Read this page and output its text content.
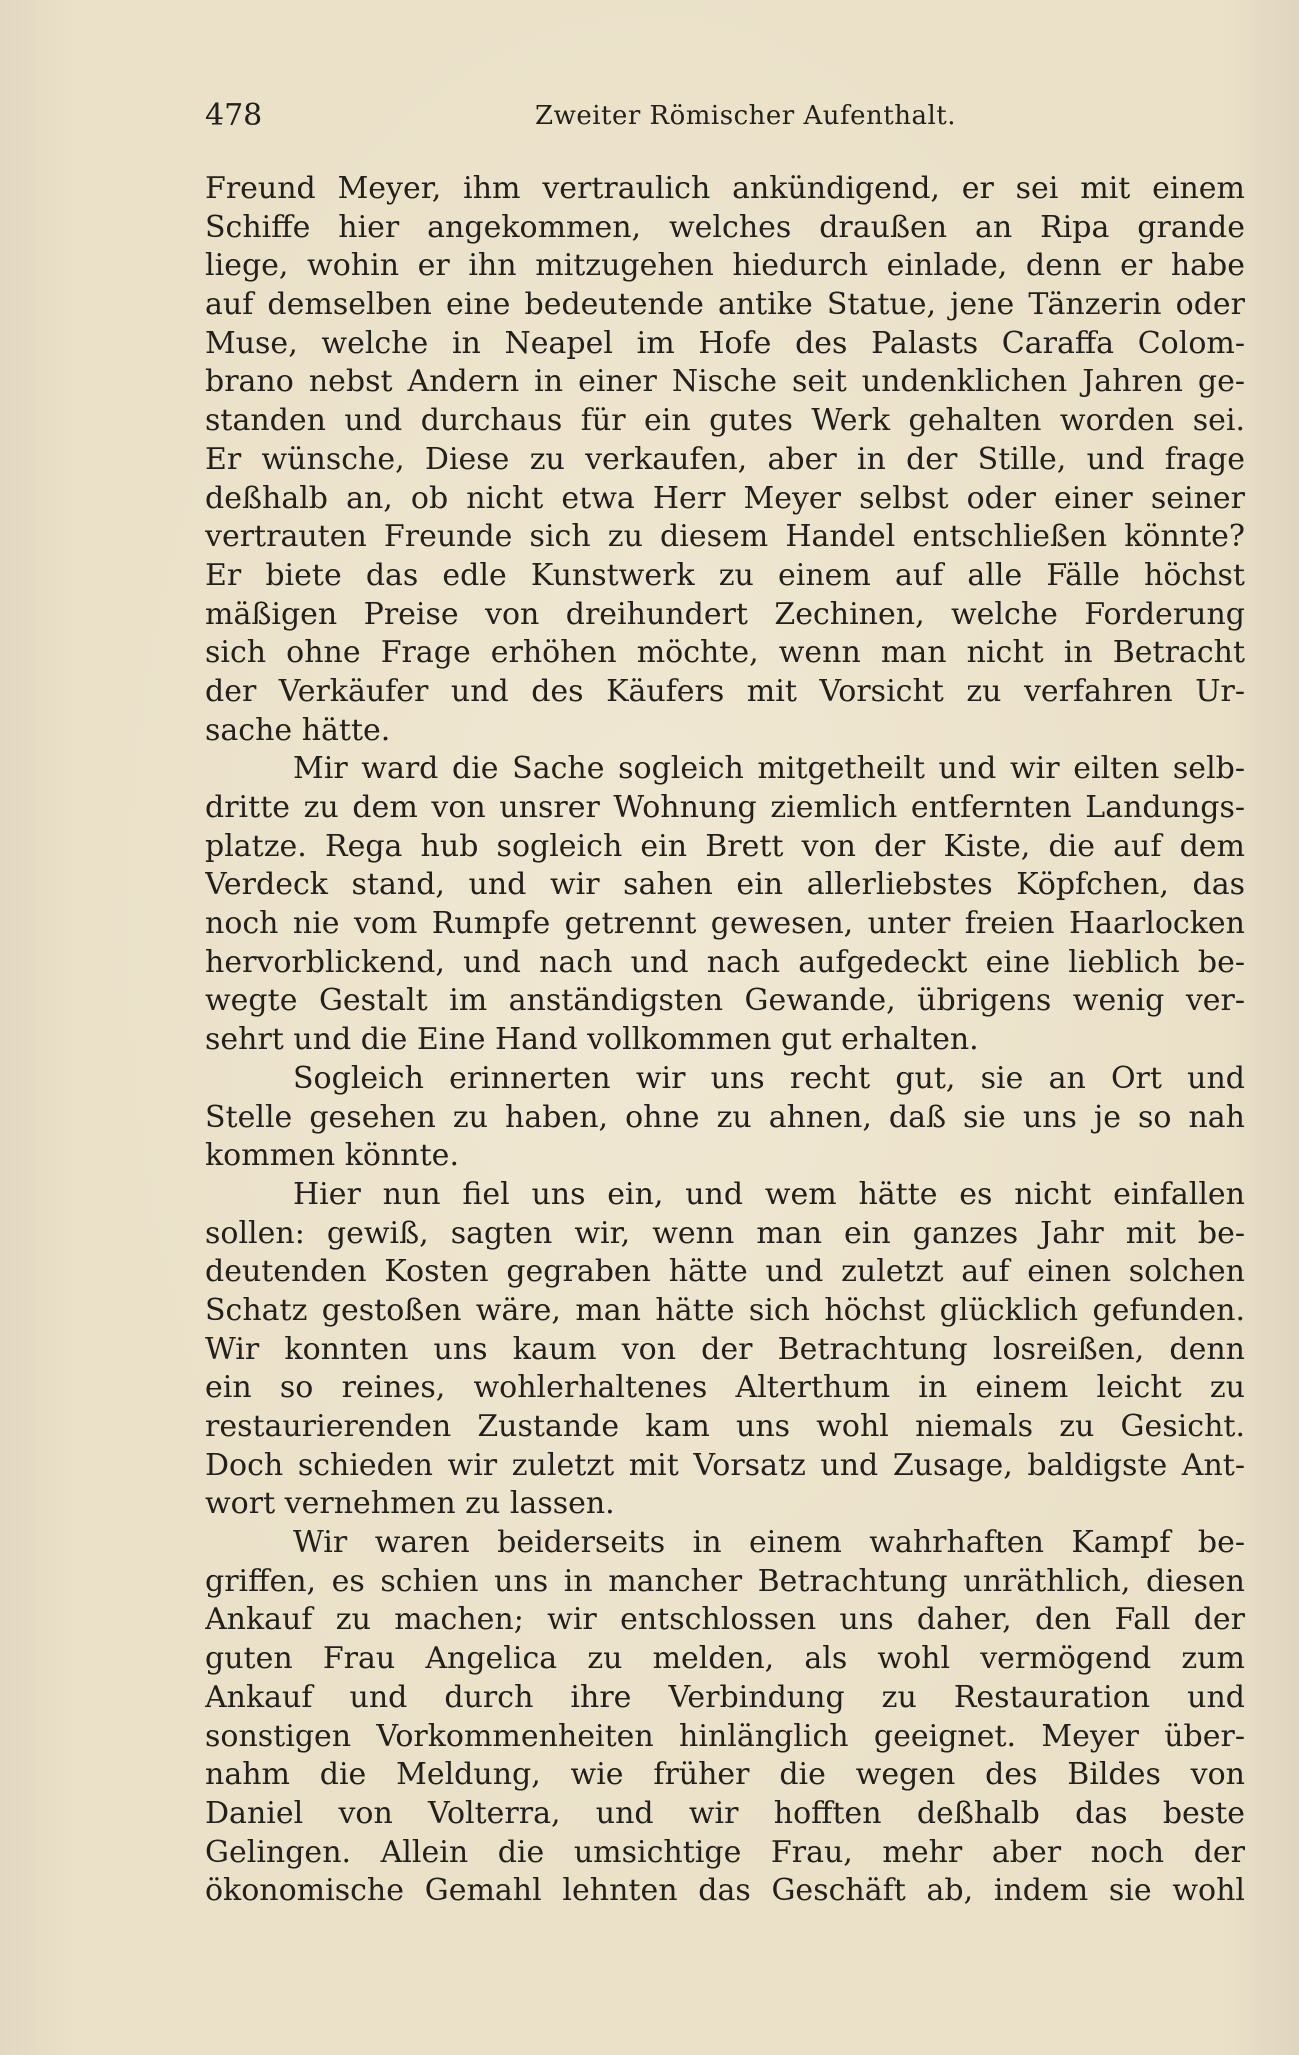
478	Zweiter Römischer Aufenthalt.
Freund Meyer, ihm vertraulich ankündigend, er sei mit einem
Schiffe hier angekommen, welches draußen an Ripa grande
liege, wohin er ihn mitzugehen hiedurch einlade, denn er habe
auf demselben eine bedeutende antike Statue, jene Tänzerin oder
Muse, welche in Neapel im Hofe des Palasts Caraffa Colom-
brano nebst Andern in einer Nische seit undenklichen Jahren ge-
standen und durchaus für ein gutes Werk gehalten worden sei.
Er wünsche, Diese zu verkaufen, aber in der Stille, und frage
deßhalb an, ob nicht etwa Herr Meyer selbst oder einer seiner
vertrauten Freunde sich zu diesem Handel entschließen könnte?
Er biete das edle Kunstwerk zu einem auf alle Fälle höchst
mäßigen Preise von dreihundert Zechinen, welche Forderung
sich ohne Frage erhöhen möchte, wenn man nicht in Betracht
der Verkäufer und des Käufers mit Vorsicht zu verfahren Ur-
sache hätte.
Mir ward die Sache sogleich mitgetheilt und wir eilten selb-
dritte zu dem von unsrer Wohnung ziemlich entfernten Landungs-
platze. Rega hub sogleich ein Brett von der Kiste, die auf dem
Verdeck stand, und wir sahen ein allerliebstes Köpfchen, das
noch nie vom Rumpfe getrennt gewesen, unter freien Haarlocken
hervorblickend, und nach und nach aufgedeckt eine lieblich be-
wegte Gestalt im anständigsten Gewande, übrigens wenig ver-
sehrt und die Eine Hand vollkommen gut erhalten.
Sogleich erinnerten wir uns recht gut, sie an Ort und
Stelle gesehen zu haben, ohne zu ahnen, daß sie uns je so nah
kommen könnte.
Hier nun fiel uns ein, und wem hätte es nicht einfallen
sollen: gewiß, sagten wir, wenn man ein ganzes Jahr mit be-
deutenden Kosten gegraben hätte und zuletzt auf einen solchen
Schatz gestoßen wäre, man hätte sich höchst glücklich gefunden.
Wir konnten uns kaum von der Betrachtung losreißen, denn
ein so reines, wohlerhaltenes Alterthum in einem leicht zu
restaurierenden Zustande kam uns wohl niemals zu Gesicht.
Doch schieden wir zuletzt mit Vorsatz und Zusage, baldigste Ant-
wort vernehmen zu lassen.
Wir waren beiderseits in einem wahrhaften Kampf be-
griffen, es schien uns in mancher Betrachtung unräthlich, diesen
Ankauf zu machen; wir entschlossen uns daher, den Fall der
guten Frau Angelica zu melden, als wohl vermögend zum
Ankauf und durch ihre Verbindung zu Restauration und
sonstigen Vorkommenheiten hinlänglich geeignet. Meyer über-
nahm die Meldung, wie früher die wegen des Bildes von
Daniel von Volterra, und wir hofften deßhalb das beste
Gelingen. Allein die umsichtige Frau, mehr aber noch der
ökonomische Gemahl lehnten das Geschäft ab, indem sie wohl
